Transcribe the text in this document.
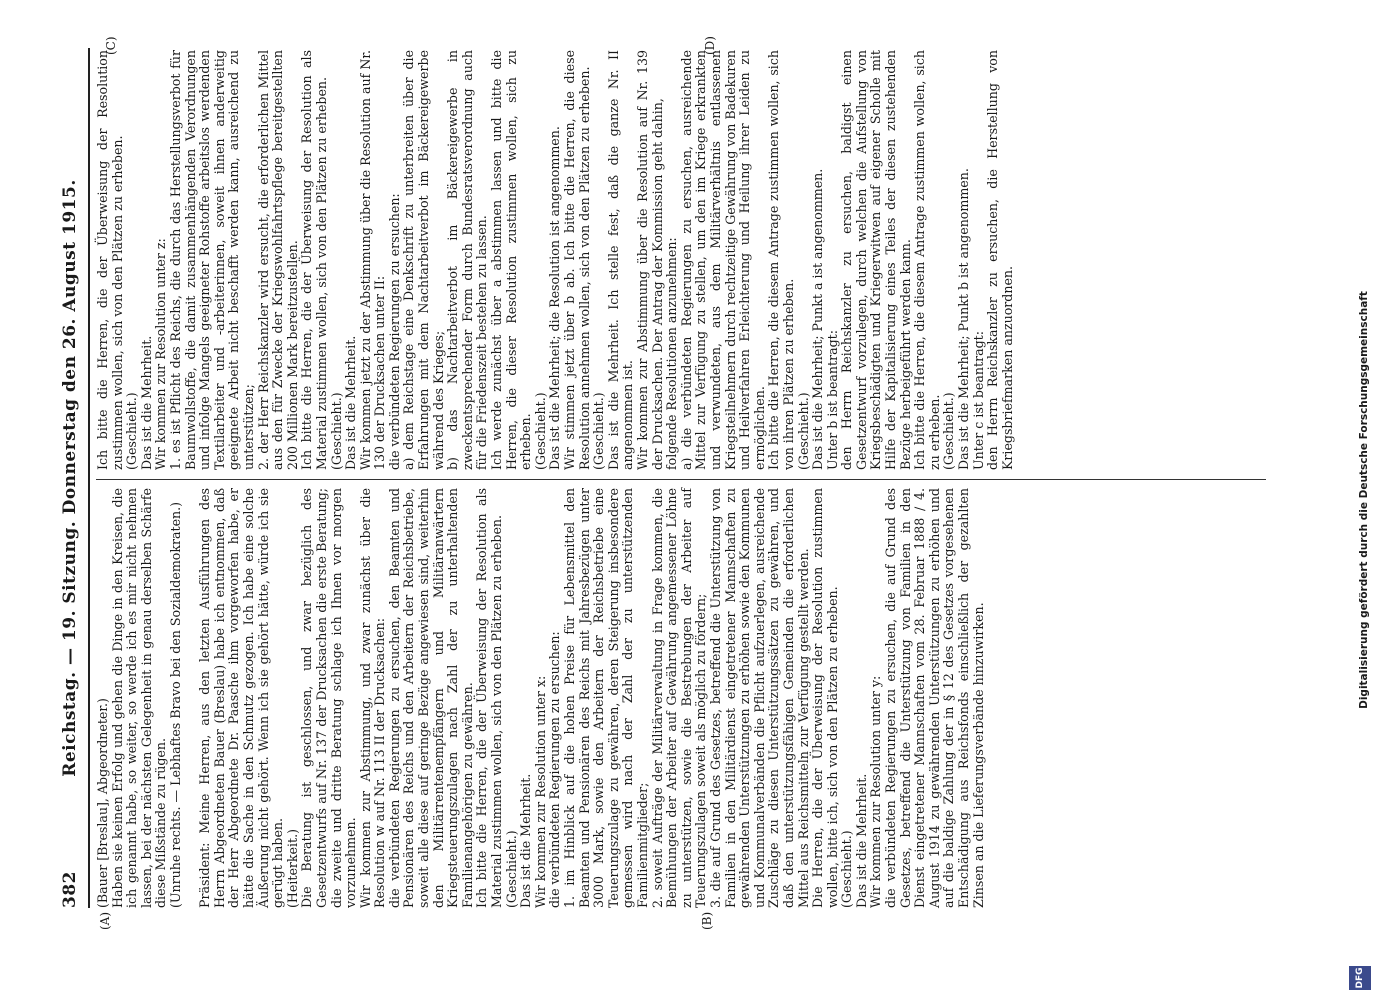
382
Reichstag. — 19. Sitzung. Donnerstag den 26. August 1915.
(Bauer [Breslau], Abgeordneter.)
Haben sie keinen Erfolg und gehen die Dinge in den Kreisen, die ich genannt habe, so weiter, so werde ich es mir nicht nehmen lassen, bei der nächsten Gelegenheit in genau derselben Schärfe diese Mißstände zu rügen.
(Unruhe rechts. — Lebhaftes Bravo bei den Sozialdemokraten.)

Präsident: Meine Herren, aus den letzten Ausführungen des Herrn Abgeordneten Bauer (Breslau) habe ich entnommen, daß der Herr Abgeordnete Dr. Paasche ihm vorgeworfen habe, er hätte die Sache in den Schmutz gezogen. Ich habe eine solche Äußerung nicht gehört. Wenn ich sie gehört hätte, würde ich sie gerügt haben.
(Heiterkeit.)
Die Beratung ist geschlossen, und zwar bezüglich des Gesetzentwurfs auf Nr. 137 der Drucksachen die erste Beratung; die zweite und dritte Beratung schlage ich Ihnen vor morgen vorzunehmen.
Wir kommen zur Abstimmung, und zwar zunächst über die Resolution w auf Nr. 113 II der Drucksachen:
die verbündeten Regierungen zu ersuchen, den Beamten und Pensionären des Reichs und den Arbeitern der Reichsbetriebe, soweit alle diese auf geringe Bezüge angewiesen sind, weiterhin den Militärrentenempfängern und Militäranwärtern Kriegsteuerungszulagen nach Zahl der zu unterhaltenden Familienangehörigen zu gewähren.
Ich bitte die Herren, die der Überweisung der Resolution als Material zustimmen wollen, sich von den Plätzen zu erheben.
(Geschieht.)
Das ist die Mehrheit.
Wir kommen zur Resolution unter x:
die verbündeten Regierungen zu ersuchen:
1. im Hinblick auf die hohen Preise für Lebensmittel den Beamten und Pensionären des Reichs mit Jahresbezügen unter 3000 Mark, sowie den Arbeitern der Reichsbetriebe eine Teuerungszulage zu gewähren, deren Steigerung insbesondere gemessen wird nach der Zahl der zu unterstützenden Familienmitglieder;
2. soweit Aufträge der Militärverwaltung in Frage kommen, die Bemühungen der Arbeiter auf Gewährung angemessener Löhne zu unterstützen, sowie die Bestrebungen der Arbeiter auf Teuerungszulagen soweit als möglich zu fördern;
3. die auf Grund des Gesetzes, betreffend die Unterstützung von Familien in den Militärdienst eingetretener Mannschaften zu gewährenden Unterstützungen zu erhöhen sowie den Kommunen und Kommunalverbänden die Pflicht aufzuerlegen, ausreichende Zuschläge zu diesen Unterstützungssätzen zu gewähren, und daß den unterstützungsfähigen Gemeinden die erforderlichen Mittel aus Reichsmitteln zur Verfügung gestellt werden.
Die Herren, die der Überweisung der Resolution zustimmen wollen, bitte ich, sich von den Plätzen zu erheben.
(Geschieht.)
Das ist die Mehrheit.
Wir kommen zur Resolution unter y:
die verbündeten Regierungen zu ersuchen, die auf Grund des Gesetzes, betreffend die Unterstützung von Familien in den Dienst eingetretener Mannschaften vom 28. Februar 1888 / 4. August 1914 zu gewährenden Unterstützungen zu erhöhen und auf die baldige Zahlung der in § 12 des Gesetzes vorgesehenen Entschädigung aus Reichsfonds einschließlich der gezahlten Zinsen an die Lieferungsverbände hinzuwirken.
Ich bitte die Herren, die der Überweisung der Resolution zustimmen wollen, sich von den Plätzen zu erheben.
(Geschieht.)
Das ist die Mehrheit.
Wir kommen zur Resolution unter z:
1. es ist Pflicht des Reichs, die durch das Herstellungsverbot für Baumwollstoffe, die damit zusammenhängenden Verordnungen und infolge Mangels geeigneter Rohstoffe arbeitslos werdenden Textilarbeiter und -arbeiterinnen, soweit ihnen anderweitig geeignete Arbeit nicht beschafft werden kann, ausreichend zu unterstützen;
2. der Herr Reichskanzler wird ersucht, die erforderlichen Mittel aus den für Zwecke der Kriegswohlfahrtspflege bereitgestellten 200 Millionen Mark bereitzustellen.
Ich bitte die Herren, die der Überweisung der Resolution als Material zustimmen wollen, sich von den Plätzen zu erheben.
(Geschieht.)
Das ist die Mehrheit.
Wir kommen jetzt zu der Abstimmung über die Resolution auf Nr. 130 der Drucksachen unter II:
die verbündeten Regierungen zu ersuchen:
a) dem Reichstage eine Denkschrift zu unterbreiten über die Erfahrungen mit dem Nachtarbeitverbot im Bäckereigewerbe während des Krieges;
b) das Nachtarbeitverbot im Bäckereigewerbe in zweckentsprechender Form durch Bundesratsverordnung auch für die Friedenszeit bestehen zu lassen.
Ich werde zunächst über a abstimmen lassen und bitte die Herren, die dieser Resolution zustimmen wollen, sich zu erheben.
(Geschieht.)
Das ist die Mehrheit; die Resolution ist angenommen.
Wir stimmen jetzt über b ab. Ich bitte die Herren, die diese Resolution annehmen wollen, sich von den Plätzen zu erheben.
(Geschieht.)
Das ist die Mehrheit. Ich stelle fest, daß die ganze Nr. II angenommen ist.
Wir kommen zur Abstimmung über die Resolution auf Nr. 139 der Drucksachen. Der Antrag der Kommission geht dahin,
folgende Resolutionen anzunehmen:
a) die verbündeten Regierungen zu ersuchen, ausreichende Mittel zur Verfügung zu stellen, um den im Kriege erkrankten und verwundeten, aus dem Militärverhältnis entlassenen Kriegsteilnehmern durch rechtzeitige Gewährung von Badekuren und Heilverfahren Erleichterung und Heilung ihrer Leiden zu ermöglichen.
Ich bitte die Herren, die diesem Antrage zustimmen wollen, sich von ihren Plätzen zu erheben.
(Geschieht.)
Das ist die Mehrheit; Punkt a ist angenommen.
Unter b ist beantragt:
den Herrn Reichskanzler zu ersuchen, baldigst einen Gesetzentwurf vorzulegen, durch welchen die Aufstellung von Kriegsbeschädigten und Kriegerwitwen auf eigener Scholle mit Hilfe der Kapitalisierung eines Teiles der diesen zustehenden Bezüge herbeigeführt werden kann.
Ich bitte die Herren, die diesem Antrage zustimmen wollen, sich zu erheben.
(Geschieht.)
Das ist die Mehrheit; Punkt b ist angenommen.
Unter c ist beantragt:
den Herrn Reichskanzler zu ersuchen, die Herstellung von Kriegsbriefmarken anzuordnen.
(A)	(B)
(C)	(D)
Digitalisierung gefördert durch die Deutsche Forschungsgemeinschaft
DFG
